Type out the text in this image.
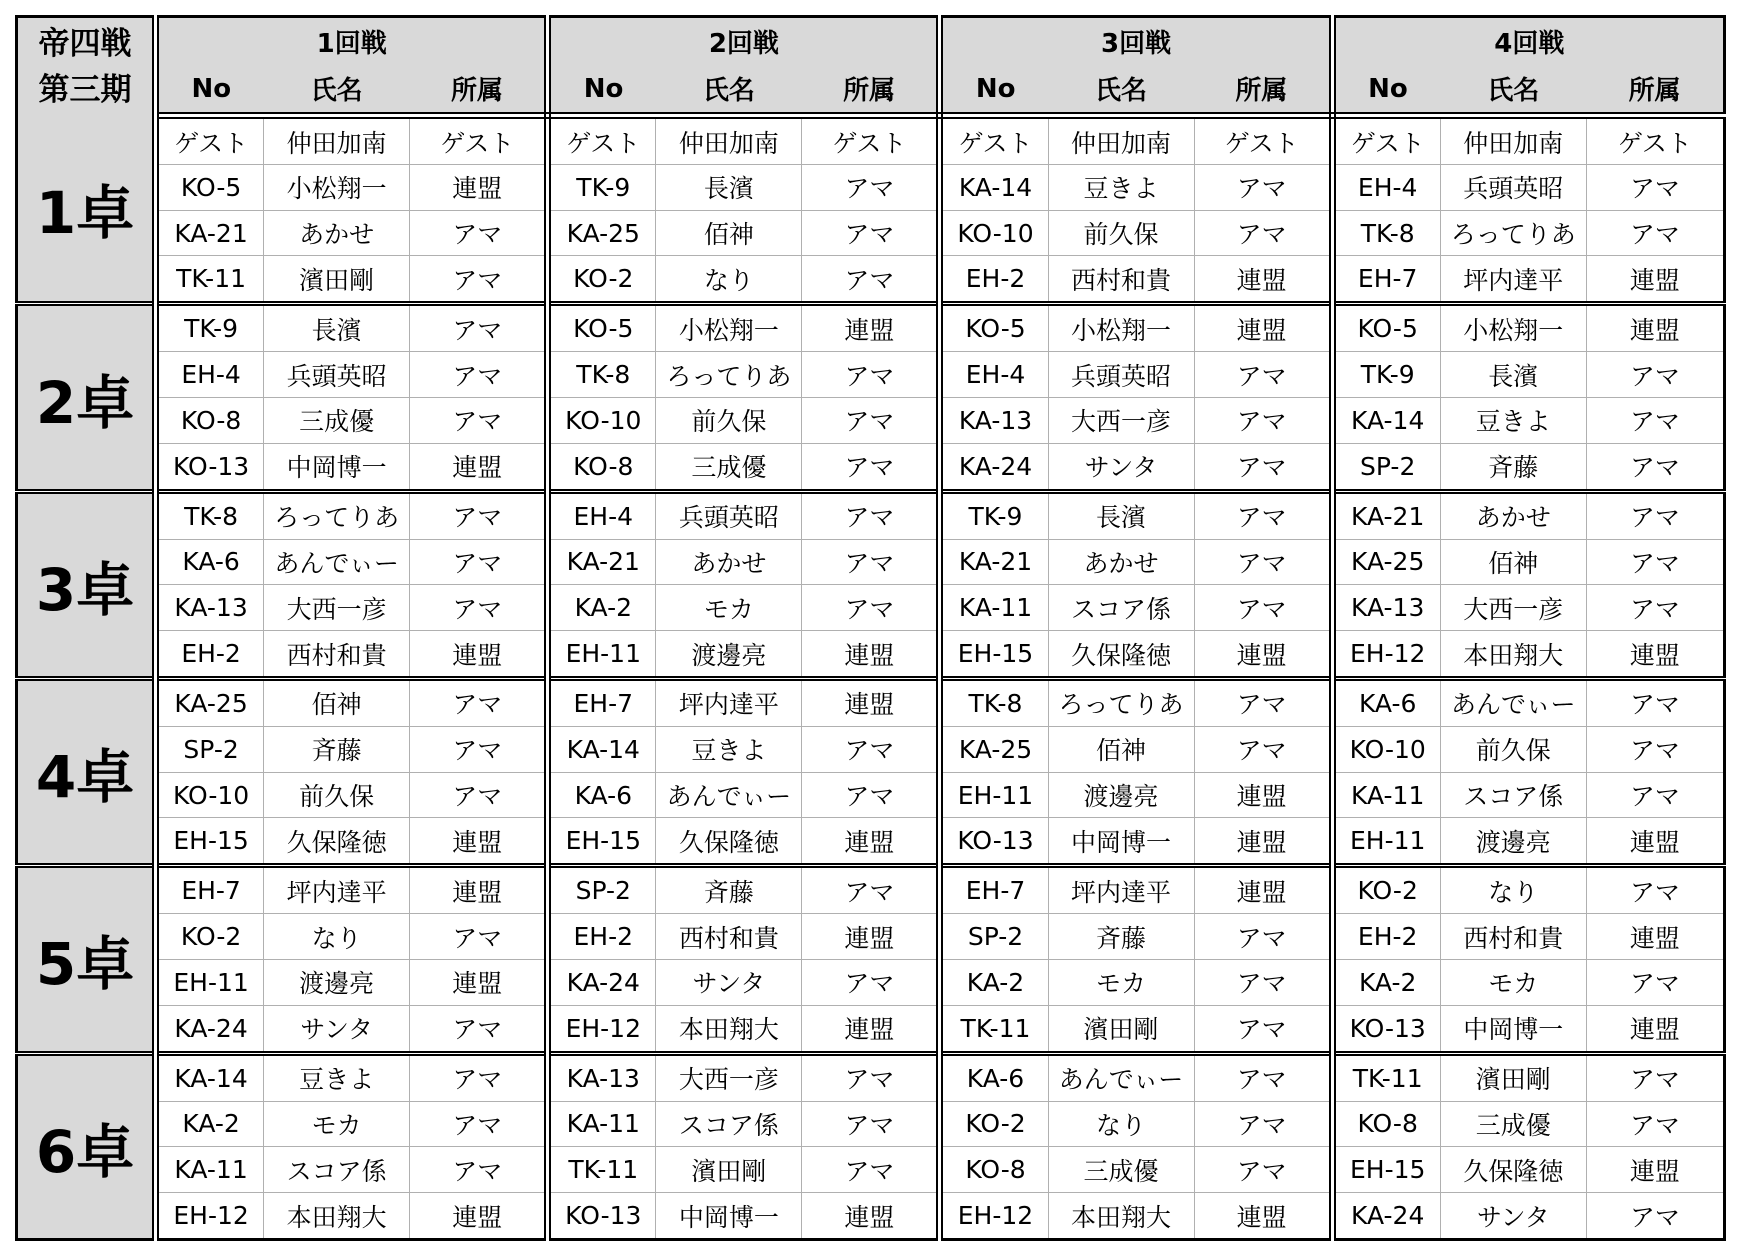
帝四戦
第三期	1回戦			2回戦			3回戦			4回戦		
	No	氏名	所属	No	氏名	所属	No	氏名	所属	No	氏名	所属
1卓	ゲスト	仲田加南	ゲスト	ゲスト	仲田加南	ゲスト	ゲスト	仲田加南	ゲスト	ゲスト	仲田加南	ゲスト
	KO-5	小松翔一	連盟	TK-9	長濱	アマ	KA-14	豆きよ	アマ	EH-4	兵頭英昭	アマ
	KA-21	あかせ	アマ	KA-25	佰神	アマ	KO-10	前久保	アマ	TK-8	ろってりあ	アマ
	TK-11	濱田剛	アマ	KO-2	なり	アマ	EH-2	西村和貴	連盟	EH-7	坪内達平	連盟
2卓	TK-9	長濱	アマ	KO-5	小松翔一	連盟	KO-5	小松翔一	連盟	KO-5	小松翔一	連盟
	EH-4	兵頭英昭	アマ	TK-8	ろってりあ	アマ	EH-4	兵頭英昭	アマ	TK-9	長濱	アマ
	KO-8	三成優	アマ	KO-10	前久保	アマ	KA-13	大西一彦	アマ	KA-14	豆きよ	アマ
	KO-13	中岡博一	連盟	KO-8	三成優	アマ	KA-24	サンタ	アマ	SP-2	斉藤	アマ
3卓	TK-8	ろってりあ	アマ	EH-4	兵頭英昭	アマ	TK-9	長濱	アマ	KA-21	あかせ	アマ
	KA-6	あんでぃー	アマ	KA-21	あかせ	アマ	KA-21	あかせ	アマ	KA-25	佰神	アマ
	KA-13	大西一彦	アマ	KA-2	モカ	アマ	KA-11	スコア係	アマ	KA-13	大西一彦	アマ
	EH-2	西村和貴	連盟	EH-11	渡邊亮	連盟	EH-15	久保隆徳	連盟	EH-12	本田翔大	連盟
4卓	KA-25	佰神	アマ	EH-7	坪内達平	連盟	TK-8	ろってりあ	アマ	KA-6	あんでぃー	アマ
	SP-2	斉藤	アマ	KA-14	豆きよ	アマ	KA-25	佰神	アマ	KO-10	前久保	アマ
	KO-10	前久保	アマ	KA-6	あんでぃー	アマ	EH-11	渡邊亮	連盟	KA-11	スコア係	アマ
	EH-15	久保隆徳	連盟	EH-15	久保隆徳	連盟	KO-13	中岡博一	連盟	EH-11	渡邊亮	連盟
5卓	EH-7	坪内達平	連盟	SP-2	斉藤	アマ	EH-7	坪内達平	連盟	KO-2	なり	アマ
	KO-2	なり	アマ	EH-2	西村和貴	連盟	SP-2	斉藤	アマ	EH-2	西村和貴	連盟
	EH-11	渡邊亮	連盟	KA-24	サンタ	アマ	KA-2	モカ	アマ	KA-2	モカ	アマ
	KA-24	サンタ	アマ	EH-12	本田翔大	連盟	TK-11	濱田剛	アマ	KO-13	中岡博一	連盟
6卓	KA-14	豆きよ	アマ	KA-13	大西一彦	アマ	KA-6	あんでぃー	アマ	TK-11	濱田剛	アマ
	KA-2	モカ	アマ	KA-11	スコア係	アマ	KO-2	なり	アマ	KO-8	三成優	アマ
	KA-11	スコア係	アマ	TK-11	濱田剛	アマ	KO-8	三成優	アマ	EH-15	久保隆徳	連盟
	EH-12	本田翔大	連盟	KO-13	中岡博一	連盟	EH-12	本田翔大	連盟	KA-24	サンタ	アマ
